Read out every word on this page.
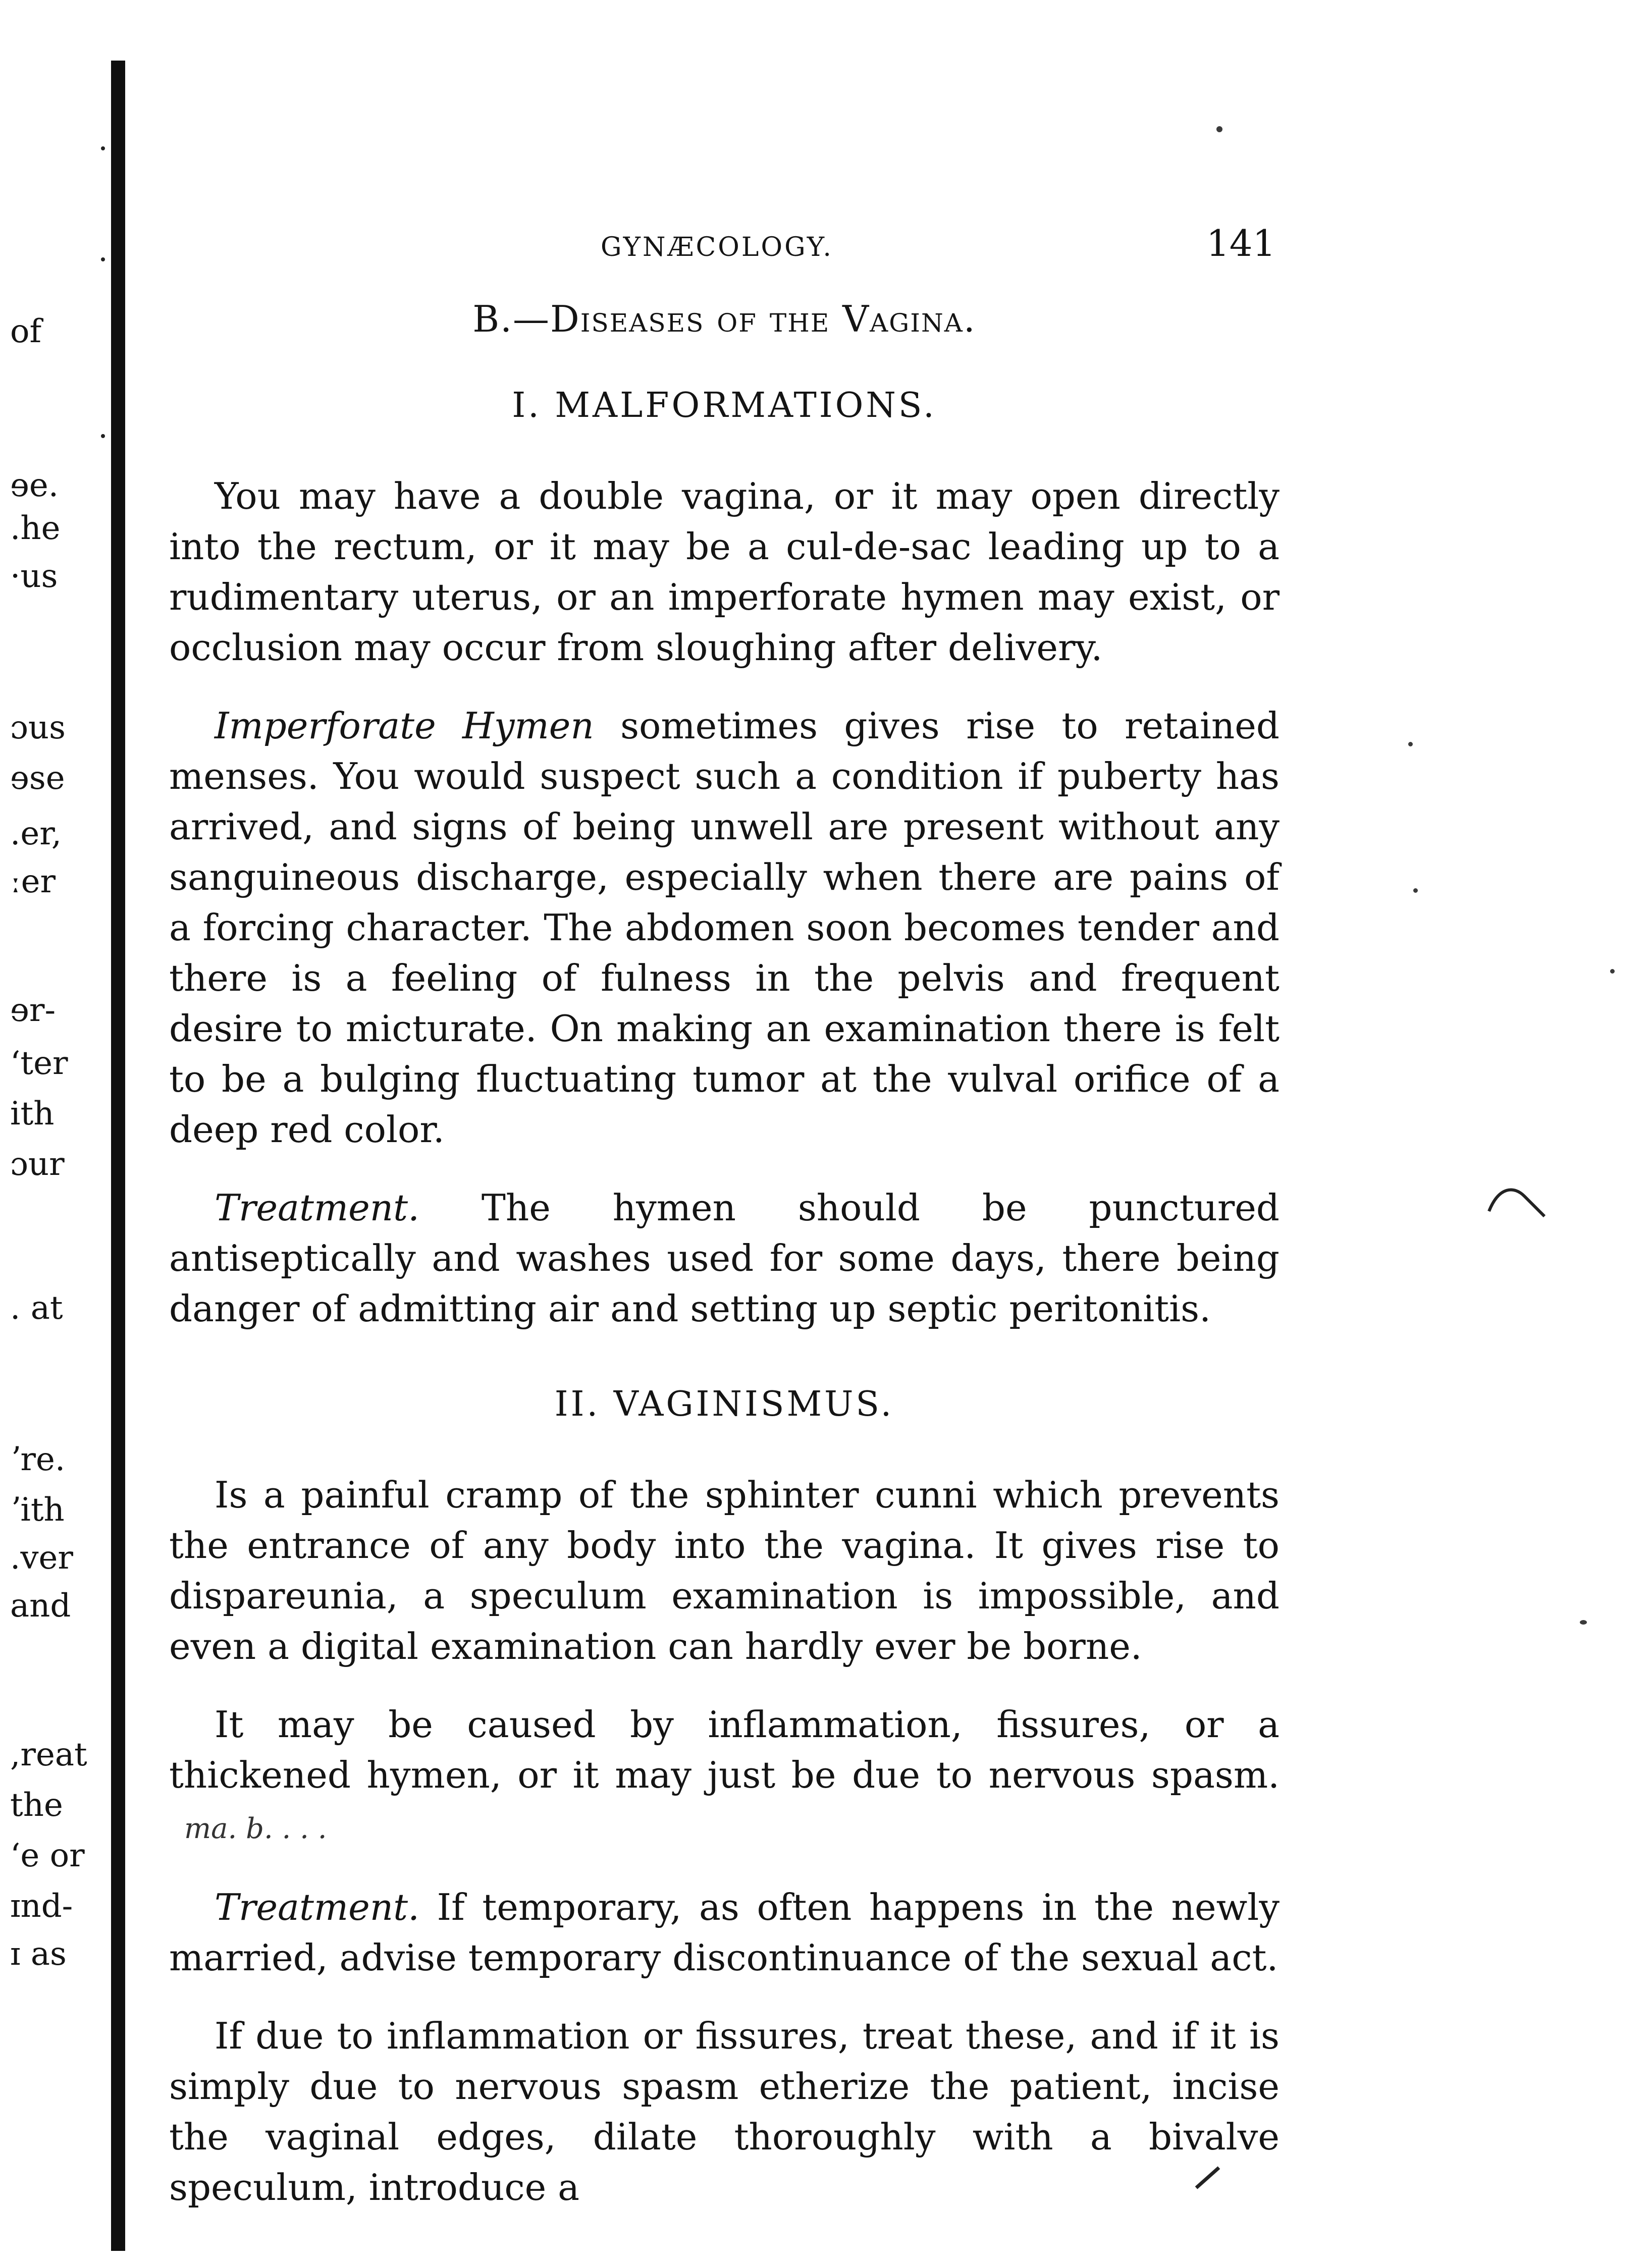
of
ɘe.
.he
·us
ɔus
ɘse
.er,
ːer
ɘr-
ʻter
ith
ɔur
. at
ʼre.
ʼith
.ver
and
,reat
the
ʻe or
ɪnd-
ɪ as
GYNÆCOLOGY.	141
B.—Diseases of the Vagina.
I. MALFORMATIONS.

You may have a double vagina, or it may open directly into the rectum, or it may be a cul-de-sac leading up to a rudimentary uterus, or an imperforate hymen may exist, or occlusion may occur from sloughing after delivery.

Imperforate Hymen sometimes gives rise to retained menses. You would suspect such a condition if puberty has arrived, and signs of being unwell are present without any sanguineous discharge, especially when there are pains of a forcing character. The abdomen soon becomes tender and there is a feeling of fulness in the pelvis and frequent desire to micturate. On making an examination there is felt to be a bulging fluctuating tumor at the vulval orifice of a deep red color.

Treatment. The hymen should be punctured antiseptically and washes used for some days, there being danger of admitting air and setting up septic peritonitis.

II. VAGINISMUS.

Is a painful cramp of the sphinter cunni which prevents the entrance of any body into the vagina. It gives rise to dispareunia, a speculum examination is impossible, and even a digital examination can hardly ever be borne.

It may be caused by inflammation, fissures, or a thickened hymen, or it may just be due to nervous spasm. ma. b. . . .

Treatment. If temporary, as often happens in the newly married, advise temporary discontinuance of the sexual act.

If due to inflammation or fissures, treat these, and if it is simply due to nervous spasm etherize the patient, incise the vaginal edges, dilate thoroughly with a bivalve speculum, introduce a
